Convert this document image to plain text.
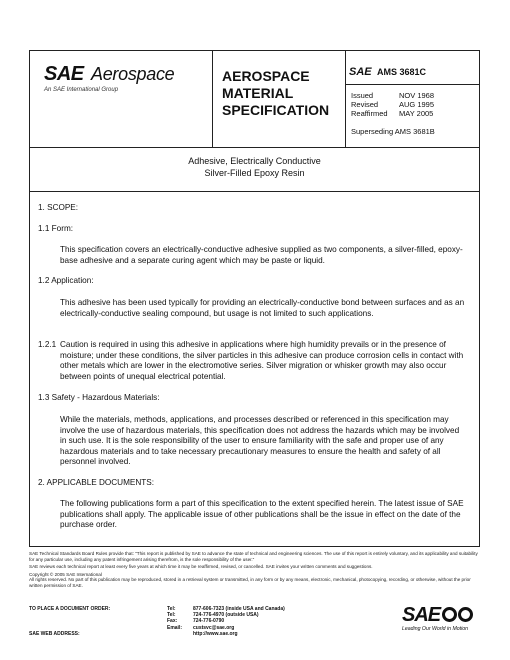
SAE Aerospace
An SAE International Group
AEROSPACE MATERIAL SPECIFICATION
SAE AMS 3681C
Issued	NOV 1968
Revised	AUG 1995
Reaffirmed MAY 2005
Superseding AMS 3681B
Adhesive, Electrically Conductive
Silver-Filled Epoxy Resin
1. SCOPE:
1.1 Form:
This specification covers an electrically-conductive adhesive supplied as two components, a silver-filled, epoxy-base adhesive and a separate curing agent which may be paste or liquid.
1.2 Application:
This adhesive has been used typically for providing an electrically-conductive bond between surfaces and as an electrically-conductive sealing compound, but usage is not limited to such applications.
1.2.1 Caution is required in using this adhesive in applications where high humidity prevails or in the presence of moisture; under these conditions, the silver particles in this adhesive can produce corrosion cells in contact with other metals which are lower in the electromotive series. Silver migration or whisker growth may also occur between points of unequal electrical potential.
1.3 Safety - Hazardous Materials:
While the materials, methods, applications, and processes described or referenced in this specification may involve the use of hazardous materials, this specification does not address the hazards which may be involved in such use. It is the sole responsibility of the user to ensure familiarity with the safe and proper use of any hazardous materials and to take necessary precautionary measures to ensure the health and safety of all personnel involved.
2. APPLICABLE DOCUMENTS:
The following publications form a part of this specification to the extent specified herein. The latest issue of SAE publications shall apply. The applicable issue of other publications shall be the issue in effect on the date of the purchase order.

SAE Technical Standards Board Rules provide that: "This report is published by SAE to advance the state of technical and engineering sciences. The use of this report is entirely voluntary, and its applicability and suitability for any particular use, including any patent infringement arising therefrom, is the sole responsibility of the user."

SAE reviews each technical report at least every five years at which time it may be reaffirmed, revised, or cancelled. SAE invites your written comments and suggestions.

Copyright © 2005 SAE International

All rights reserved. No part of this publication may be reproduced, stored in a retrieval system or transmitted, in any form or by any means, electronic, mechanical, photocopying, recording, or otherwise, without the prior written permission of SAE.

TO PLACE A DOCUMENT ORDER:	Tel:	877-606-7323 (inside USA and Canada)
Tel:	724-776-4970 (outside USA)
Fax:	724-776-0790
Email:	custsvc@sae.org
SAE WEB ADDRESS:	http://www.sae.org
SAE
Leading Our World in Motion
